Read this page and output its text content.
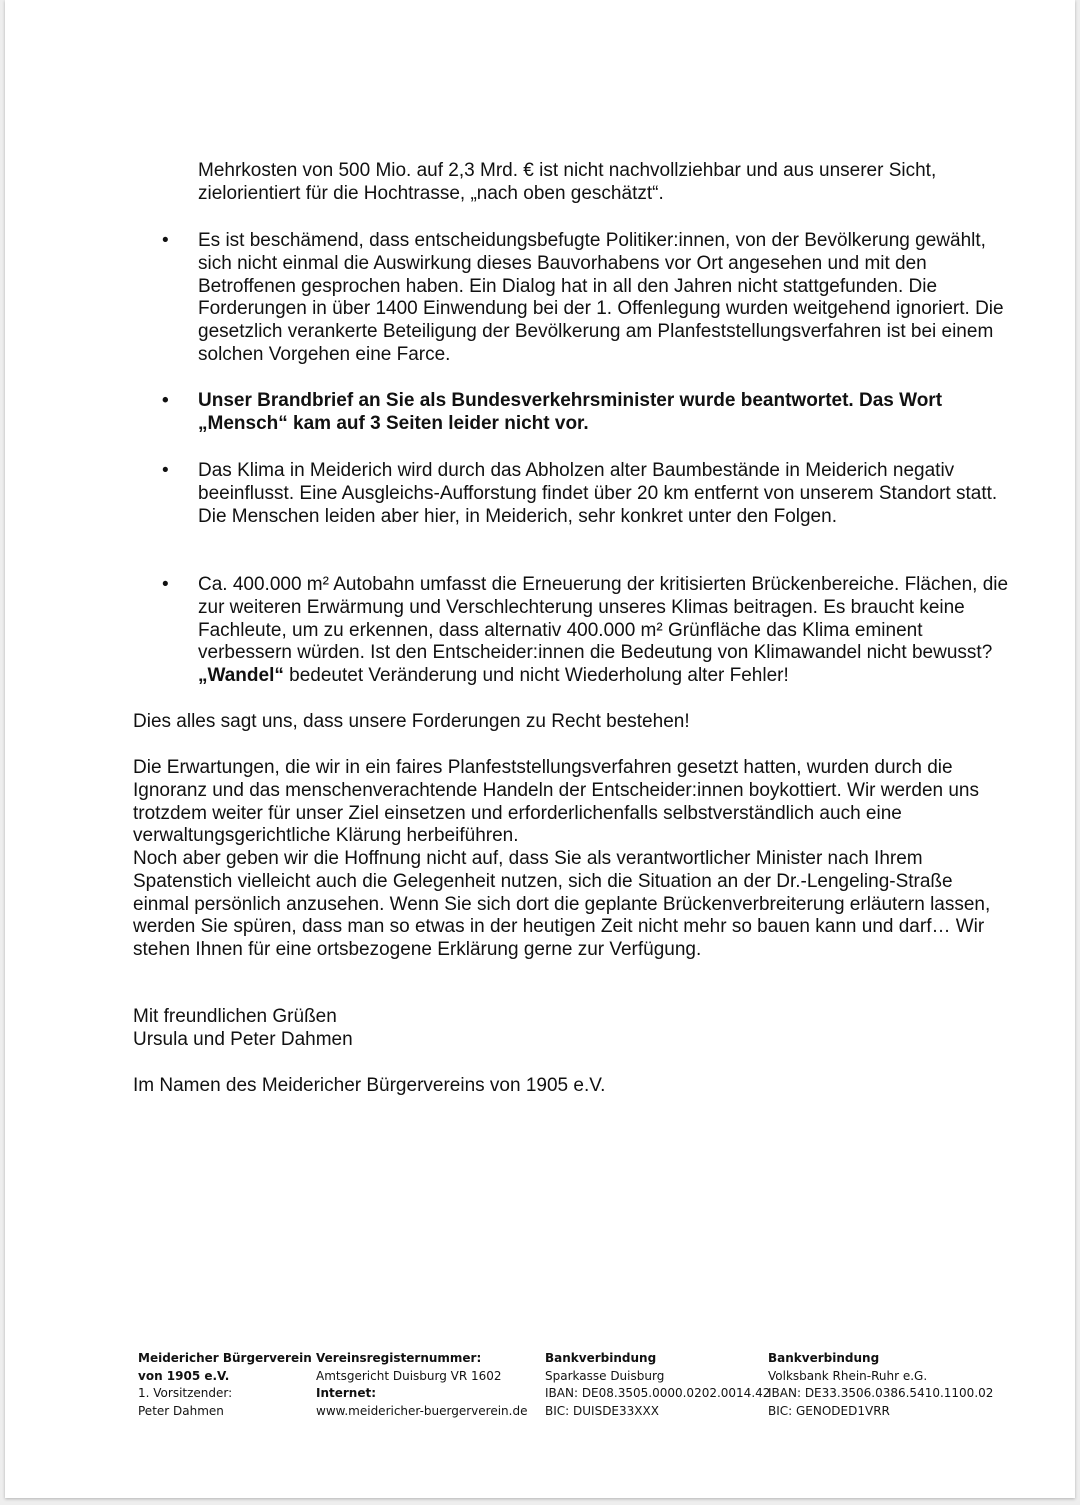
Mehrkosten von 500 Mio. auf 2,3 Mrd. € ist nicht nachvollziehbar und aus unserer Sicht, zielorientiert für die Hochtrasse, „nach oben geschätzt“.

• Es ist beschämend, dass entscheidungsbefugte Politiker:innen, von der Bevölkerung gewählt, sich nicht einmal die Auswirkung dieses Bauvorhabens vor Ort angesehen und mit den Betroffenen gesprochen haben. Ein Dialog hat in all den Jahren nicht stattgefunden. Die Forderungen in über 1400 Einwendung bei der 1. Offenlegung wurden weitgehend ignoriert. Die gesetzlich verankerte Beteiligung der Bevölkerung am Planfeststellungsverfahren ist bei einem solchen Vorgehen eine Farce.
• Unser Brandbrief an Sie als Bundesverkehrsminister wurde beantwortet. Das Wort „Mensch“ kam auf 3 Seiten leider nicht vor.
• Das Klima in Meiderich wird durch das Abholzen alter Baumbestände in Meiderich negativ beeinflusst. Eine Ausgleichs-Aufforstung findet über 20 km entfernt von unserem Standort statt. Die Menschen leiden aber hier, in Meiderich, sehr konkret unter den Folgen.
• Ca. 400.000 m² Autobahn umfasst die Erneuerung der kritisierten Brückenbereiche. Flächen, die zur weiteren Erwärmung und Verschlechterung unseres Klimas beitragen. Es braucht keine Fachleute, um zu erkennen, dass alternativ 400.000 m² Grünfläche das Klima eminent verbessern würden. Ist den Entscheider:innen die Bedeutung von Klimawandel nicht bewusst? „Wandel“ bedeutet Veränderung und nicht Wiederholung alter Fehler!

Dies alles sagt uns, dass unsere Forderungen zu Recht bestehen!

Die Erwartungen, die wir in ein faires Planfeststellungsverfahren gesetzt hatten, wurden durch die Ignoranz und das menschenverachtende Handeln der Entscheider:innen boykottiert. Wir werden uns trotzdem weiter für unser Ziel einsetzen und erforderlichenfalls selbstverständlich auch eine verwaltungsgerichtliche Klärung herbeiführen.

Noch aber geben wir die Hoffnung nicht auf, dass Sie als verantwortlicher Minister nach Ihrem Spatenstich vielleicht auch die Gelegenheit nutzen, sich die Situation an der Dr.-Lengeling-Straße einmal persönlich anzusehen. Wenn Sie sich dort die geplante Brückenverbreiterung erläutern lassen, werden Sie spüren, dass man so etwas in der heutigen Zeit nicht mehr so bauen kann und darf… Wir stehen Ihnen für eine ortsbezogene Erklärung gerne zur Verfügung.

Mit freundlichen Grüßen

Ursula und Peter Dahmen

Im Namen des Meidericher Bürgervereins von 1905 e.V.

Meidericher Bürgerverein
von 1905 e.V.
1. Vorsitzender:
Peter Dahmen
Vereinsregisternummer:
Amtsgericht Duisburg VR 1602
Internet:
www.meidericher-buergerverein.de
Bankverbindung
Sparkasse Duisburg
IBAN: DE08.3505.0000.0202.0014.42
BIC: DUISDE33XXX
Bankverbindung
Volksbank Rhein-Ruhr e.G.
IBAN: DE33.3506.0386.5410.1100.02
BIC: GENODED1VRR
